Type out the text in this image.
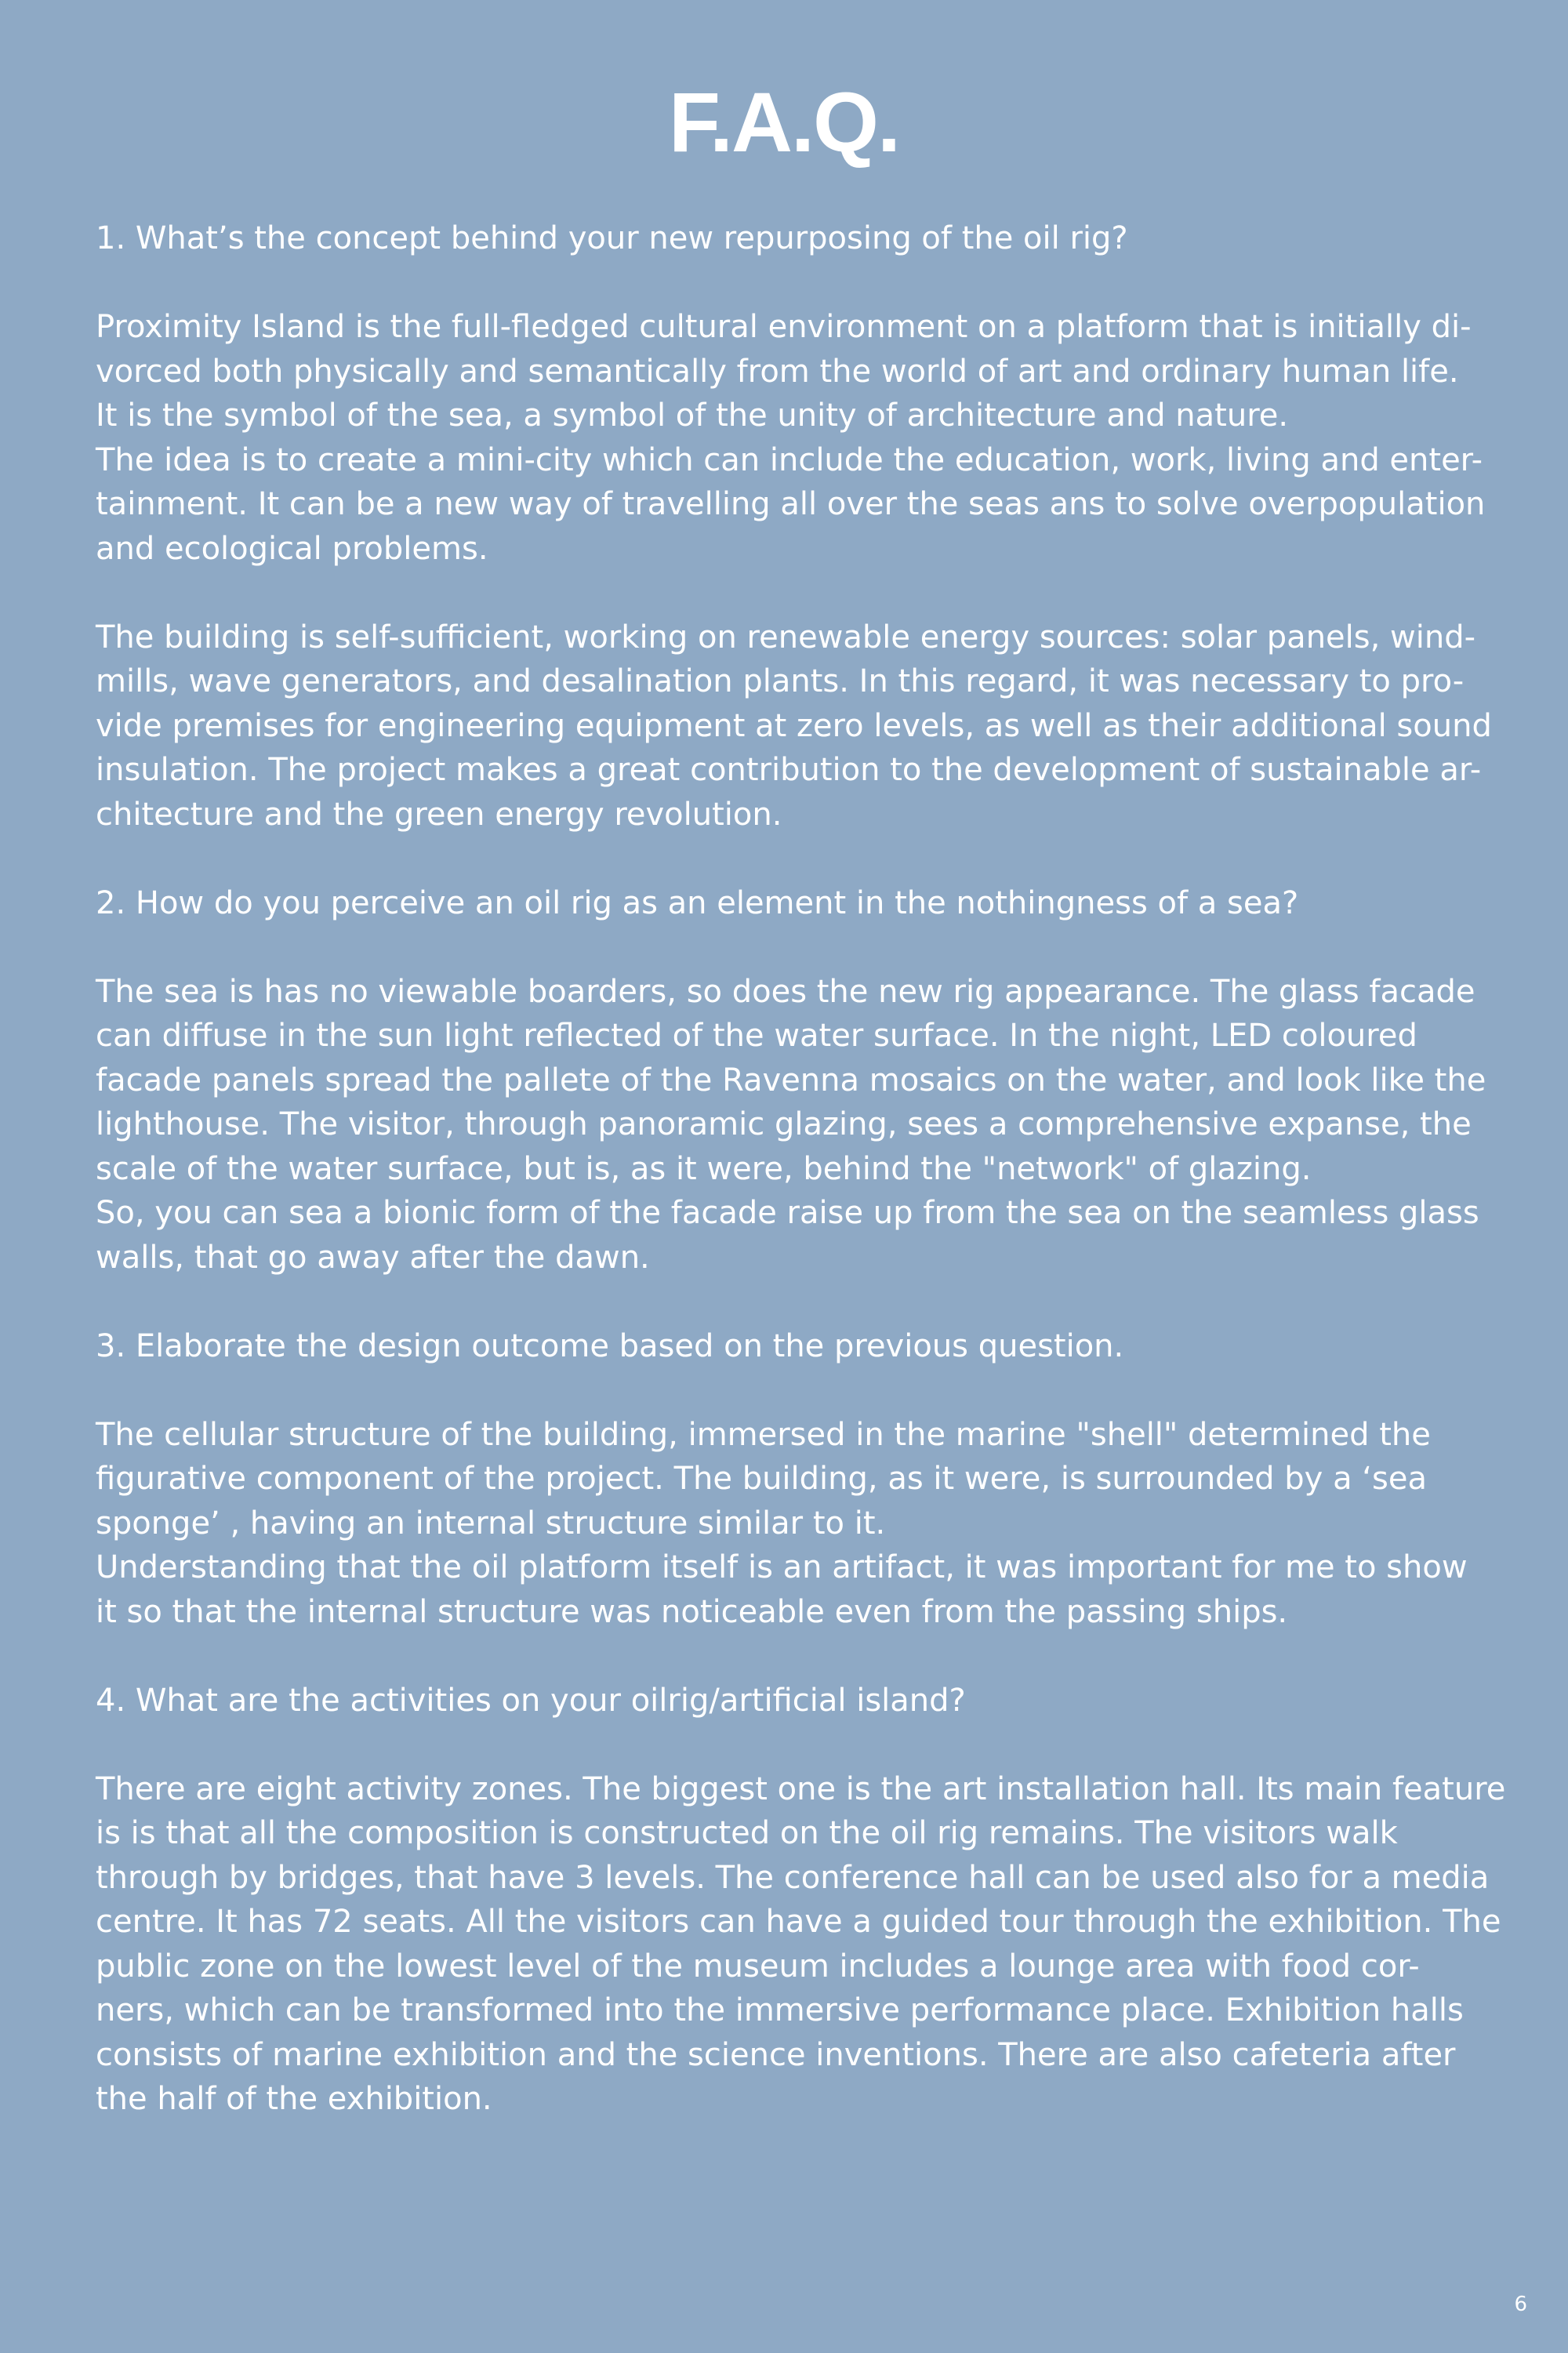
F.A.Q.
1. What’s the concept behind your new repurposing of the oil rig?
Proximity Island is the full-fledged cultural environment on a platform that is initially di-
vorced both physically and semantically from the world of art and ordinary human life.
It is the symbol of the sea, a symbol of the unity of architecture and nature.
The idea is to create a mini-city which can include the education, work, living and enter-
tainment. It can be a new way of travelling all over the seas ans to solve overpopulation
and ecological problems.
The building is self-sufficient, working on renewable energy sources: solar panels, wind-
mills, wave generators, and desalination plants. In this regard, it was necessary to pro-
vide premises for engineering equipment at zero levels, as well as their additional sound
insulation. The project makes a great contribution to the development of sustainable ar-
chitecture and the green energy revolution.
2. How do you perceive an oil rig as an element in the nothingness of a sea?
The sea is has no viewable boarders, so does the new rig appearance. The glass facade
can diffuse in the sun light reflected of the water surface. In the night, LED coloured
facade panels spread the pallete of the Ravenna mosaics on the water, and look like the
lighthouse. The visitor, through panoramic glazing, sees a comprehensive expanse, the
scale of the water surface, but is, as it were, behind the "network" of glazing.
So, you can sea a bionic form of the facade raise up from the sea on the seamless glass
walls, that go away after the dawn.
3. Elaborate the design outcome based on the previous question.
The cellular structure of the building, immersed in the marine "shell" determined the
figurative component of the project. The building, as it were, is surrounded by a ‘sea
sponge’ , having an internal structure similar to it.
Understanding that the oil platform itself is an artifact, it was important for me to show
it so that the internal structure was noticeable even from the passing ships.
4. What are the activities on your oilrig/artificial island?
There are eight activity zones. The biggest one is the art installation hall. Its main feature
is is that all the composition is constructed on the oil rig remains. The visitors walk
through by bridges, that have 3 levels. The conference hall can be used also for a media
centre. It has 72 seats. All the visitors can have a guided tour through the exhibition. The
public zone on the lowest level of the museum includes a lounge area with food cor-
ners, which can be transformed into the immersive performance place. Exhibition halls
consists of marine exhibition and the science inventions. There are also cafeteria after
the half of the exhibition.
6
